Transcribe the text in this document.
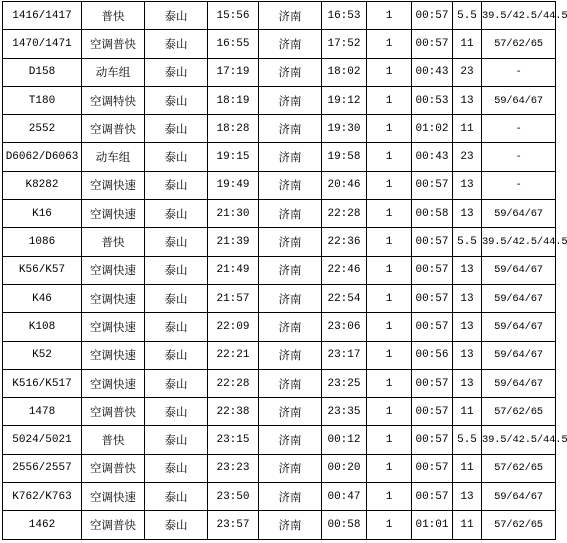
1416/1417	普快	泰山	15:56	济南	16:53	1	00:57	5.5	39.5/42.5/44.5
1470/1471	空调普快	泰山	16:55	济南	17:52	1	00:57	11	57/62/65
D158	动车组	泰山	17:19	济南	18:02	1	00:43	23	-
T180	空调特快	泰山	18:19	济南	19:12	1	00:53	13	59/64/67
2552	空调普快	泰山	18:28	济南	19:30	1	01:02	11	-
D6062/D6063	动车组	泰山	19:15	济南	19:58	1	00:43	23	-
K8282	空调快速	泰山	19:49	济南	20:46	1	00:57	13	-
K16	空调快速	泰山	21:30	济南	22:28	1	00:58	13	59/64/67
1086	普快	泰山	21:39	济南	22:36	1	00:57	5.5	39.5/42.5/44.5
K56/K57	空调快速	泰山	21:49	济南	22:46	1	00:57	13	59/64/67
K46	空调快速	泰山	21:57	济南	22:54	1	00:57	13	59/64/67
K108	空调快速	泰山	22:09	济南	23:06	1	00:57	13	59/64/67
K52	空调快速	泰山	22:21	济南	23:17	1	00:56	13	59/64/67
K516/K517	空调快速	泰山	22:28	济南	23:25	1	00:57	13	59/64/67
1478	空调普快	泰山	22:38	济南	23:35	1	00:57	11	57/62/65
5024/5021	普快	泰山	23:15	济南	00:12	1	00:57	5.5	39.5/42.5/44.5
2556/2557	空调普快	泰山	23:23	济南	00:20	1	00:57	11	57/62/65
K762/K763	空调快速	泰山	23:50	济南	00:47	1	00:57	13	59/64/67
1462	空调普快	泰山	23:57	济南	00:58	1	01:01	11	57/62/65
